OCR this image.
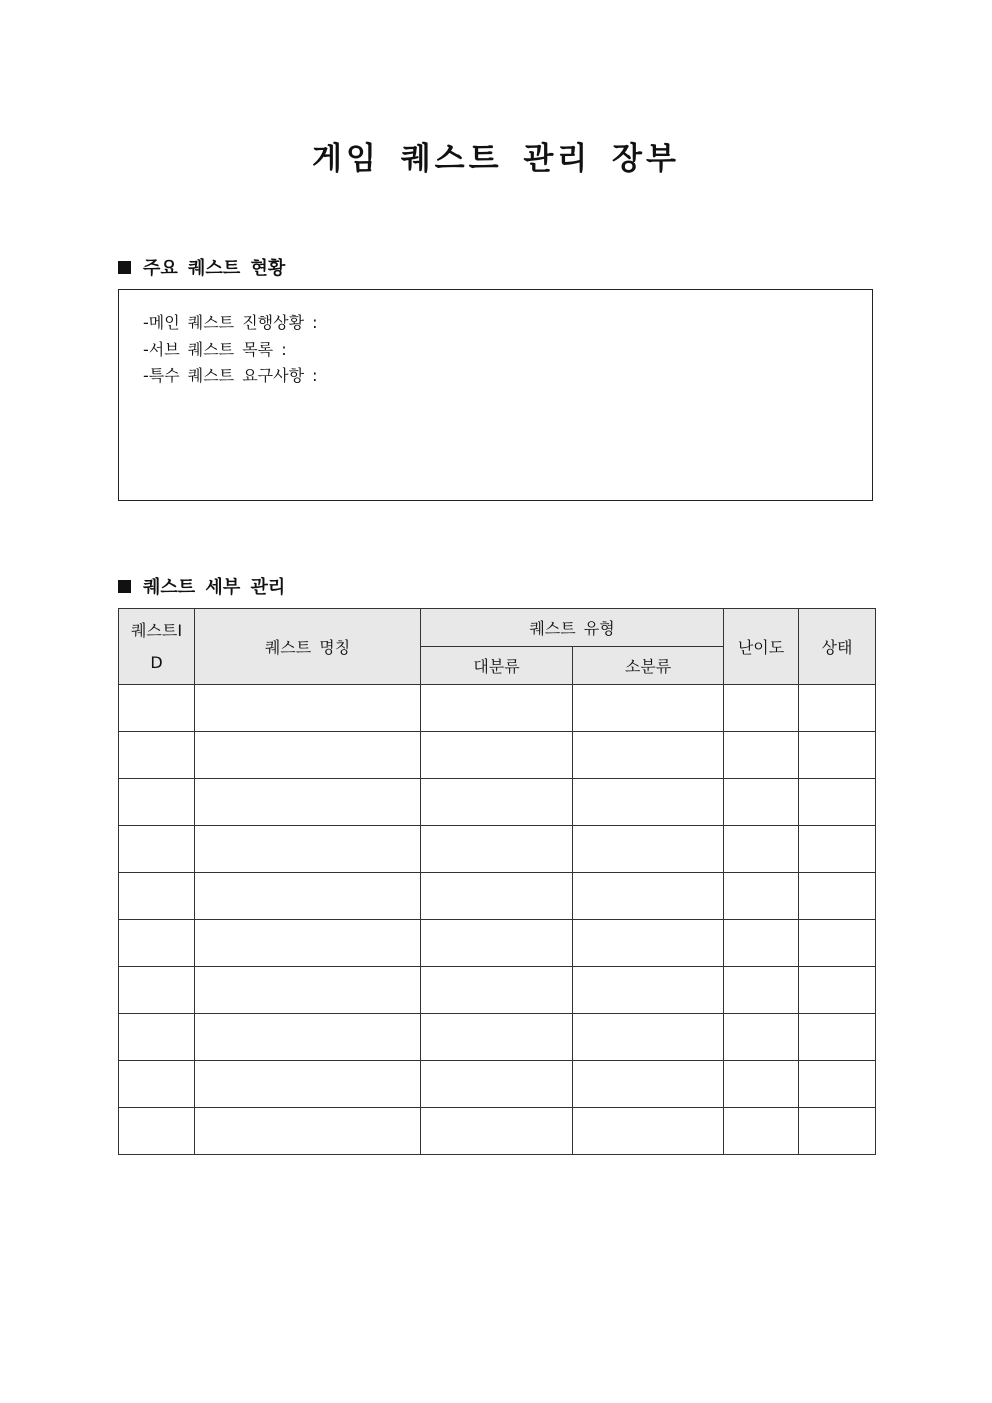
게임 퀘스트 관리 장부
주요 퀘스트 현황
-메인 퀘스트 진행상황 :
-서브 퀘스트 목록 :
-특수 퀘스트 요구사항 :
퀘스트 세부 관리
퀘스트ID	퀘스트 명칭	퀘스트 유형		난이도	상태
		대분류	소분류		
